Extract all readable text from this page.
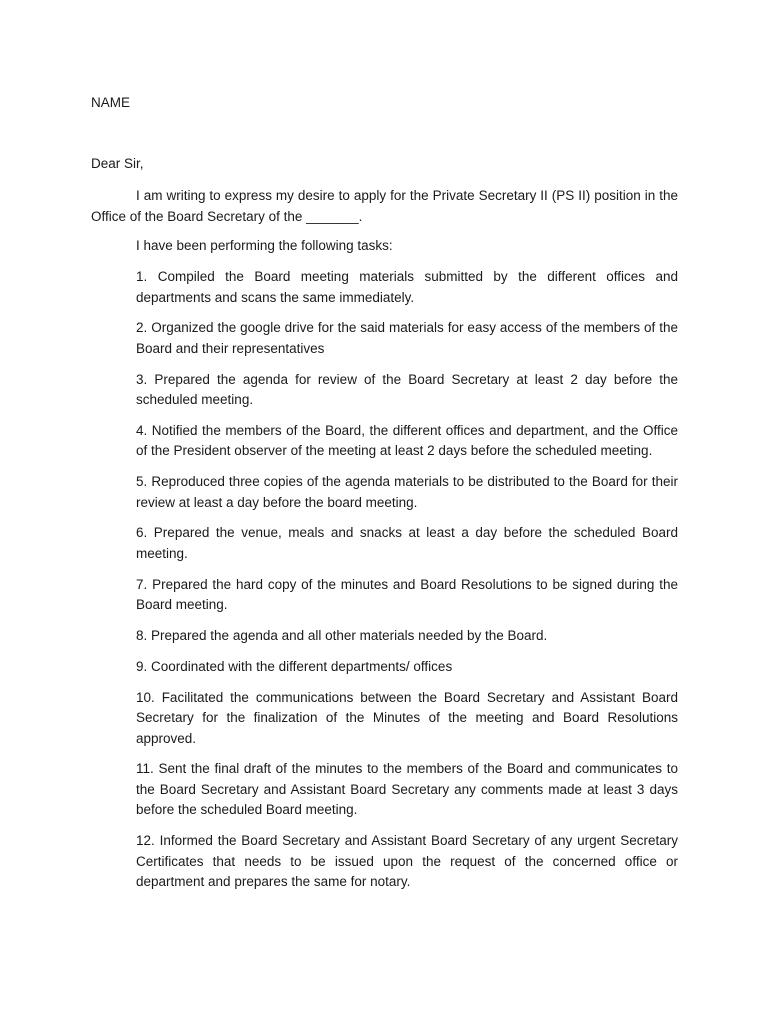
NAME
Dear Sir,

I am writing to express my desire to apply for the Private Secretary II (PS II) position in the Office of the Board Secretary of the _______.

I have been performing the following tasks:
1. Compiled the Board meeting materials submitted by the different offices and departments and scans the same immediately.
2. Organized the google drive for the said materials for easy access of the members of the Board and their representatives
3. Prepared the agenda for review of the Board Secretary at least 2 day before the scheduled meeting.
4. Notified the members of the Board, the different offices and department, and the Office of the President observer of the meeting at least 2 days before the scheduled meeting.
5. Reproduced three copies of the agenda materials to be distributed to the Board for their review at least a day before the board meeting.
6. Prepared the venue, meals and snacks at least a day before the scheduled Board meeting.
7. Prepared the hard copy of the minutes and Board Resolutions to be signed during the Board meeting.
8. Prepared the agenda and all other materials needed by the Board.
9. Coordinated with the different departments/ offices
10. Facilitated the communications between the Board Secretary and Assistant Board Secretary for the finalization of the Minutes of the meeting and Board Resolutions approved.
11. Sent the final draft of the minutes to the members of the Board and communicates to the Board Secretary and Assistant Board Secretary any comments made at least 3 days before the scheduled Board meeting.
12. Informed the Board Secretary and Assistant Board Secretary of any urgent Secretary Certificates that needs to be issued upon the request of the concerned office or department and prepares the same for notary.
